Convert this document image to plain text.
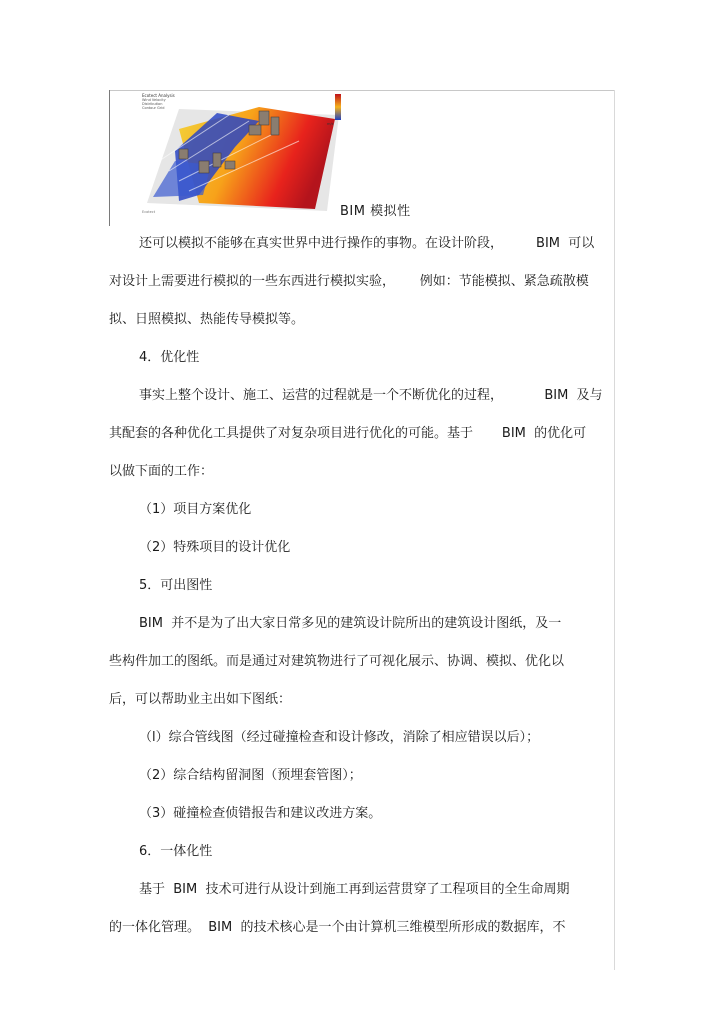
Ecotect Analysis
Wind Velocity
Distribution
Contour Grid
m/s
Ecotect	BIM 模拟性
还可以模拟不能够在真实世界中进行操作的事物。在设计阶段，        BIM  可以
对设计上需要进行模拟的一些东西进行模拟实验，      例如：节能模拟、紧急疏散模
拟、日照模拟、热能传导模拟等。
4．优化性
事实上整个设计、施工、运营的过程就是一个不断优化的过程，          BIM  及与
其配套的各种优化工具提供了对复杂项目进行优化的可能。基于       BIM  的优化可
以做下面的工作：
（1）项目方案优化
（2）特殊项目的设计优化
5．可出图性
BIM  并不是为了出大家日常多见的建筑设计院所出的建筑设计图纸，及一
些构件加工的图纸。而是通过对建筑物进行了可视化展示、协调、模拟、优化以
后，可以帮助业主出如下图纸：
（l）综合管线图（经过碰撞检查和设计修改，消除了相应错误以后）；
（2）综合结构留洞图（预埋套管图）；
（3）碰撞检查侦错报告和建议改进方案。
6．一体化性
基于  BIM  技术可进行从设计到施工再到运营贯穿了工程项目的全生命周期
的一体化管理。  BIM  的技术核心是一个由计算机三维模型所形成的数据库，不
